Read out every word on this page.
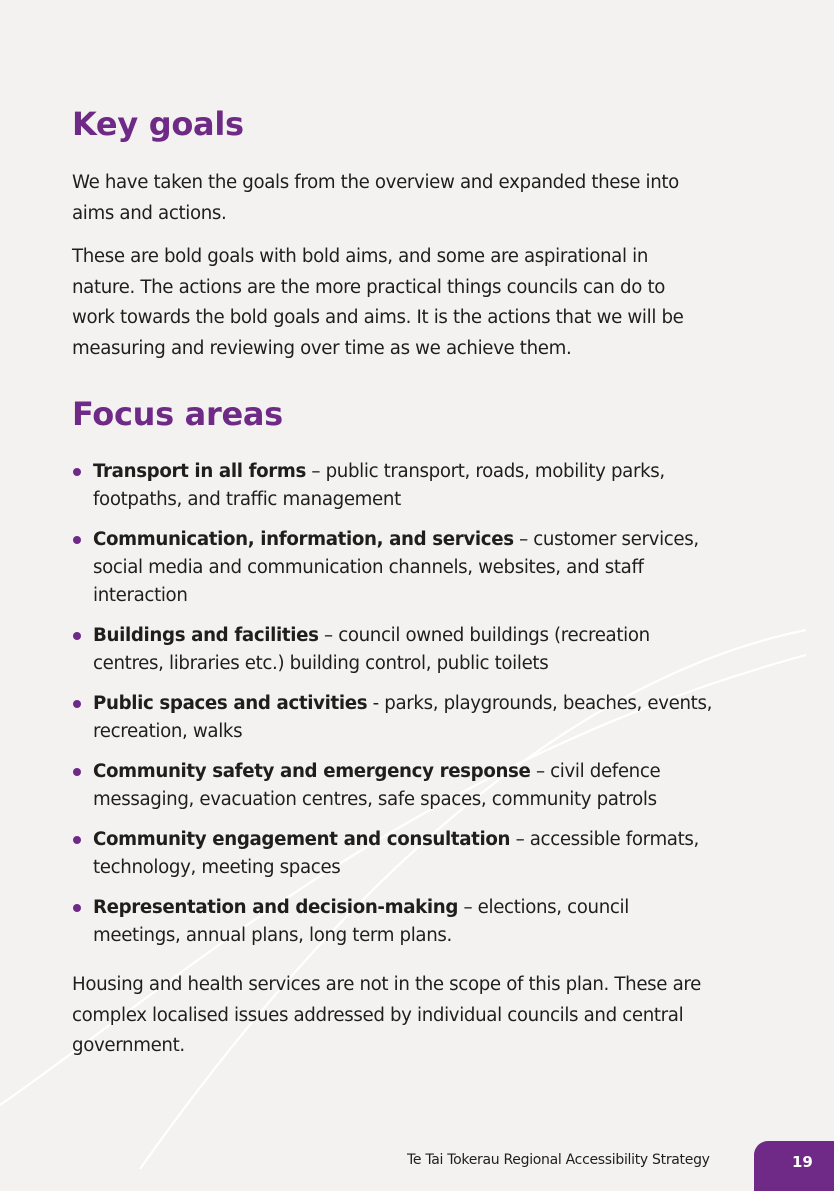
Key goals

We have taken the goals from the overview and expanded these into aims and actions.

These are bold goals with bold aims, and some are aspirational in nature. The actions are the more practical things councils can do to work towards the bold goals and aims. It is the actions that we will be measuring and reviewing over time as we achieve them.

Focus areas
Transport in all forms – public transport, roads, mobility parks, footpaths, and traffic management
Communication, information, and services – customer services, social media and communication channels, websites, and staff interaction
Buildings and facilities – council owned buildings (recreation centres, libraries etc.) building control, public toilets
Public spaces and activities - parks, playgrounds, beaches, events, recreation, walks
Community safety and emergency response – civil defence messaging, evacuation centres, safe spaces, community patrols
Community engagement and consultation – accessible formats, technology, meeting spaces
Representation and decision-making – elections, council meetings, annual plans, long term plans.

Housing and health services are not in the scope of this plan. These are complex localised issues addressed by individual councils and central government.

Te Tai Tokerau Regional Accessibility Strategy	19
